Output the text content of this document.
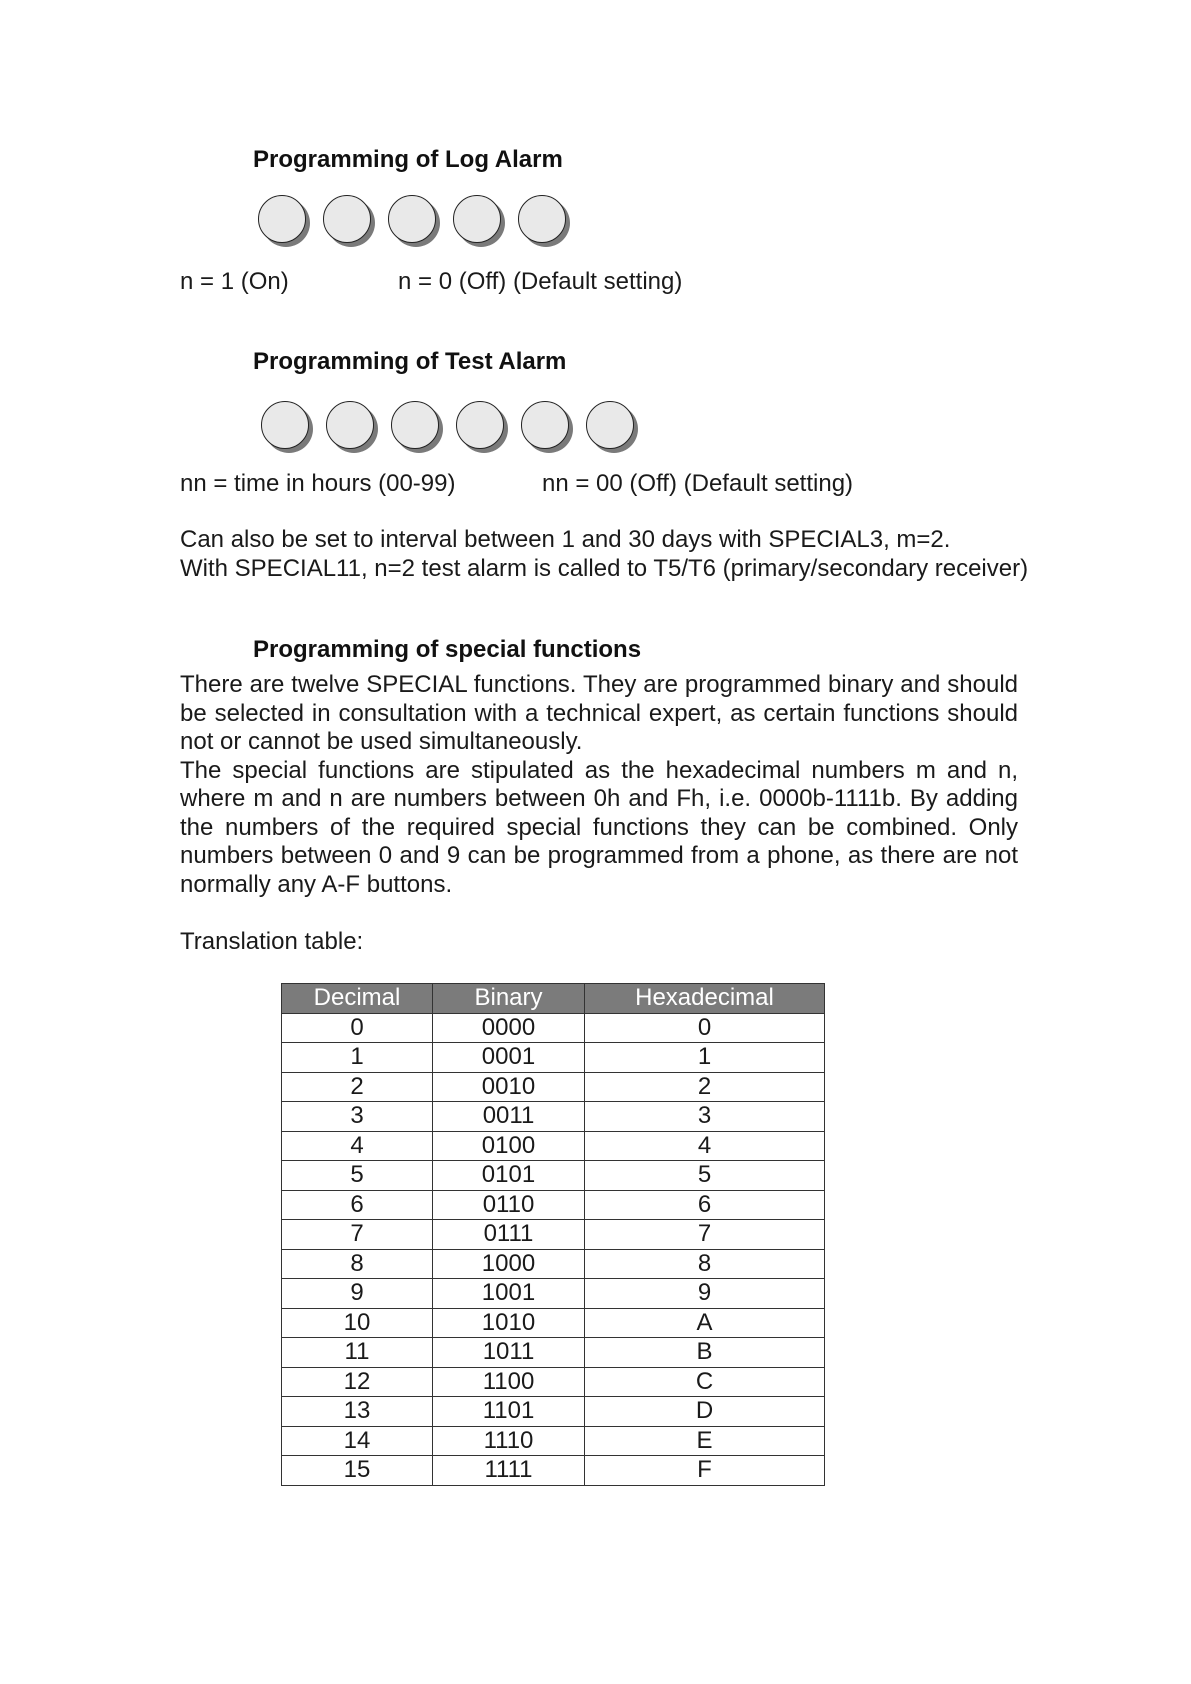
Programming of Log Alarm
n = 1 (On)	n = 0 (Off) (Default setting)
Programming of Test Alarm
nn = time in hours (00-99)	nn = 00 (Off) (Default setting)
Can also be set to interval between 1 and 30 days with SPECIAL3, m=2.
With SPECIAL11, n=2 test alarm is called to T5/T6 (primary/secondary receiver)
Programming of special functions

There are twelve SPECIAL functions. They are programmed binary and should be selected in consultation with a technical expert, as certain functions should not or cannot be used simultaneously.

The special functions are stipulated as the hexadecimal numbers m and n, where m and n are numbers between 0h and Fh, i.e. 0000b-1111b. By adding the numbers of the required special functions they can be combined. Only numbers between 0 and 9 can be programmed from a phone, as there are not normally any A-F buttons.

Translation table:
Decimal	Binary	Hexadecimal
0	0000	0
1	0001	1
2	0010	2
3	0011	3
4	0100	4
5	0101	5
6	0110	6
7	0111	7
8	1000	8
9	1001	9
10	1010	A
11	1011	B
12	1100	C
13	1101	D
14	1110	E
15	1111	F
